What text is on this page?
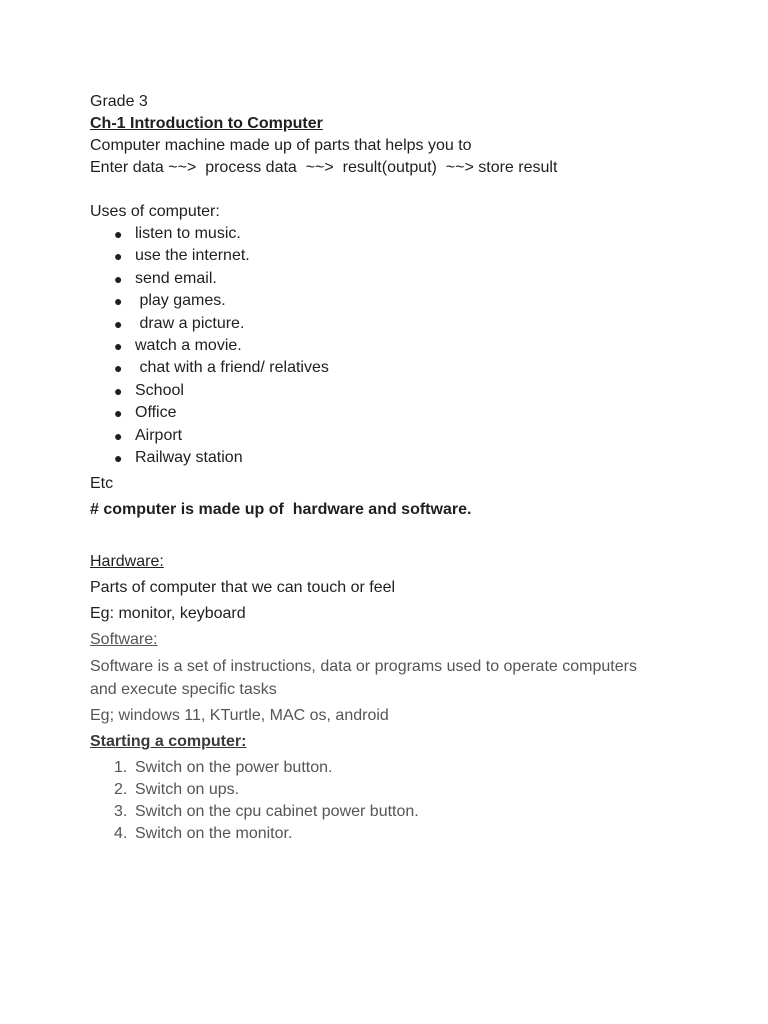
Grade 3

Ch-1 Introduction to Computer

Computer machine made up of parts that helps you to

Enter data ~~>  process data  ~~>  result(output)  ~~> store result

Uses of computer:

● listen to music.
● use the internet.
● send email.
● play games.
● draw a picture.
● watch a movie.
● chat with a friend/ relatives
● School
● Office
● Airport
● Railway station

Etc

# computer is made up of  hardware and software.

Hardware:

Parts of computer that we can touch or feel

Eg: monitor, keyboard

Software:

Software is a set of instructions, data or programs used to operate computers and execute specific tasks

Eg; windows 11, KTurtle, MAC os, android

Starting a computer:

1. Switch on the power button.
2. Switch on ups.
3. Switch on the cpu cabinet power button.
4. Switch on the monitor.
